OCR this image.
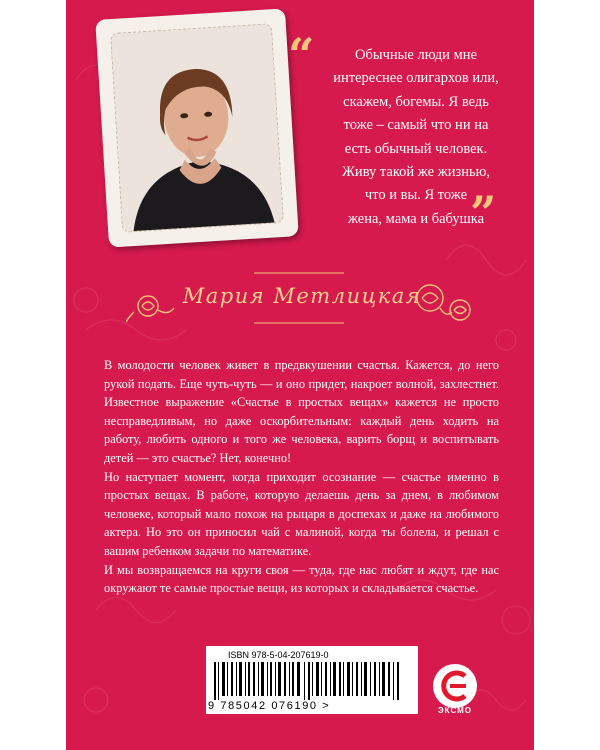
“	Обычные люди мне
интереснее олигархов или,
скажем, богемы. Я ведь
тоже – самый что ни на
есть обычный человек.
Живу такой же жизнью,
что и вы. Я тоже
жена, мама и бабушка
”
Мария Метлицкая

В молодости человек живет в предвкушении счастья. Кажется, до него рукой подать. Еще чуть-чуть — и оно придет, накроет волной, захлестнет. Известное выражение «Счастье в простых вещах» кажется не просто несправедливым, но даже оскорбительным: каждый день ходить на работу, любить одного и того же человека, варить борщ и воспитывать детей — это счастье? Нет, конечно!

Но наступает момент, когда приходит осознание — счастье именно в простых вещах. В работе, которую делаешь день за днем, в любимом человеке, который мало похож на рыцаря в доспехах и даже на любимого актера. Но это он приносил чай с малиной, когда ты болела, и решал с вашим ребенком задачи по математике.

И мы возвращаемся на круги своя — туда, где нас любят и ждут, где нас окружают те самые простые вещи, из которых и складывается счастье.

ISBN 978-5-04-207619-0
9 785042 076190 >	ЭКСМО
